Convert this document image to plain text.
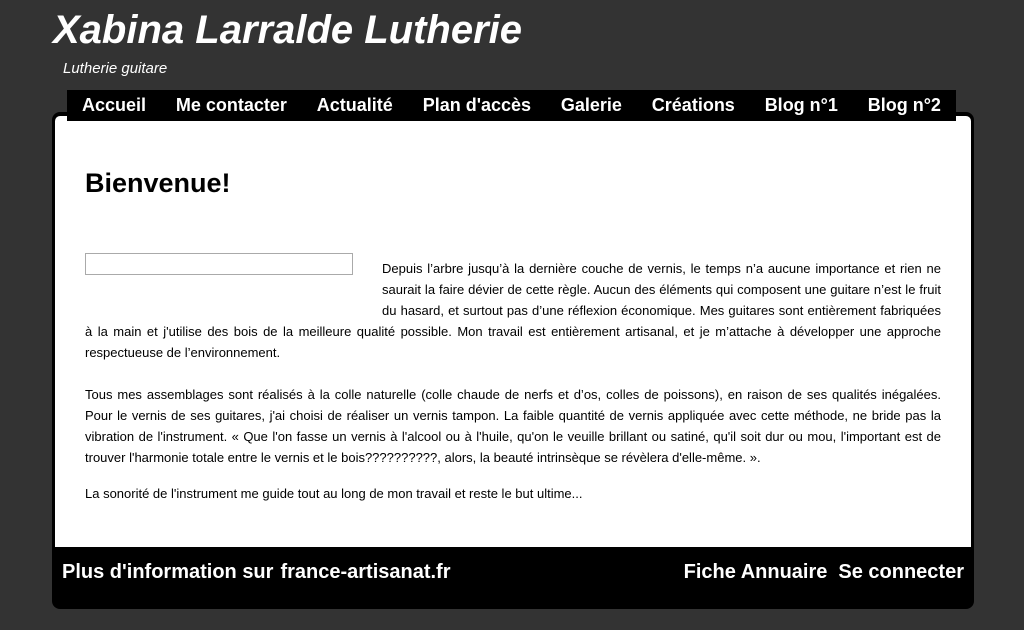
Xabina Larralde Lutherie

Lutherie guitare

Accueil Me contacter Actualité Plan d'accès Galerie Créations Blog n°1 Blog n°2
Bienvenue!

Depuis l’arbre jusqu’à la dernière couche de vernis, le temps n’a aucune importance et rien ne saurait la faire dévier de cette règle. Aucun des éléments qui composent une guitare n’est le fruit du hasard, et surtout pas d’une réflexion économique. Mes guitares sont entièrement fabriquées à la main et j'utilise des bois de la meilleure qualité possible. Mon travail est entièrement artisanal, et je m’attache à développer une approche respectueuse de l’environnement.

Tous mes assemblages sont réalisés à la colle naturelle (colle chaude de nerfs et d’os, colles de poissons), en raison de ses qualités inégalées. Pour le vernis de ses guitares, j'ai choisi de réaliser un vernis tampon. La faible quantité de vernis appliquée avec cette méthode, ne bride pas la vibration de l'instrument. « Que l'on fasse un vernis à l'alcool ou à l'huile, qu'on le veuille brillant ou satiné, qu'il soit dur ou mou, l'important est de trouver l'harmonie totale entre le vernis et le bois??????????, alors, la beauté intrinsèque se révèlera d'elle-même. ».

La sonorité de l'instrument me guide tout au long de mon travail et reste le but ultime...

Plus d'information sur france-artisanat.fr	Fiche Annuaire Se connecter
